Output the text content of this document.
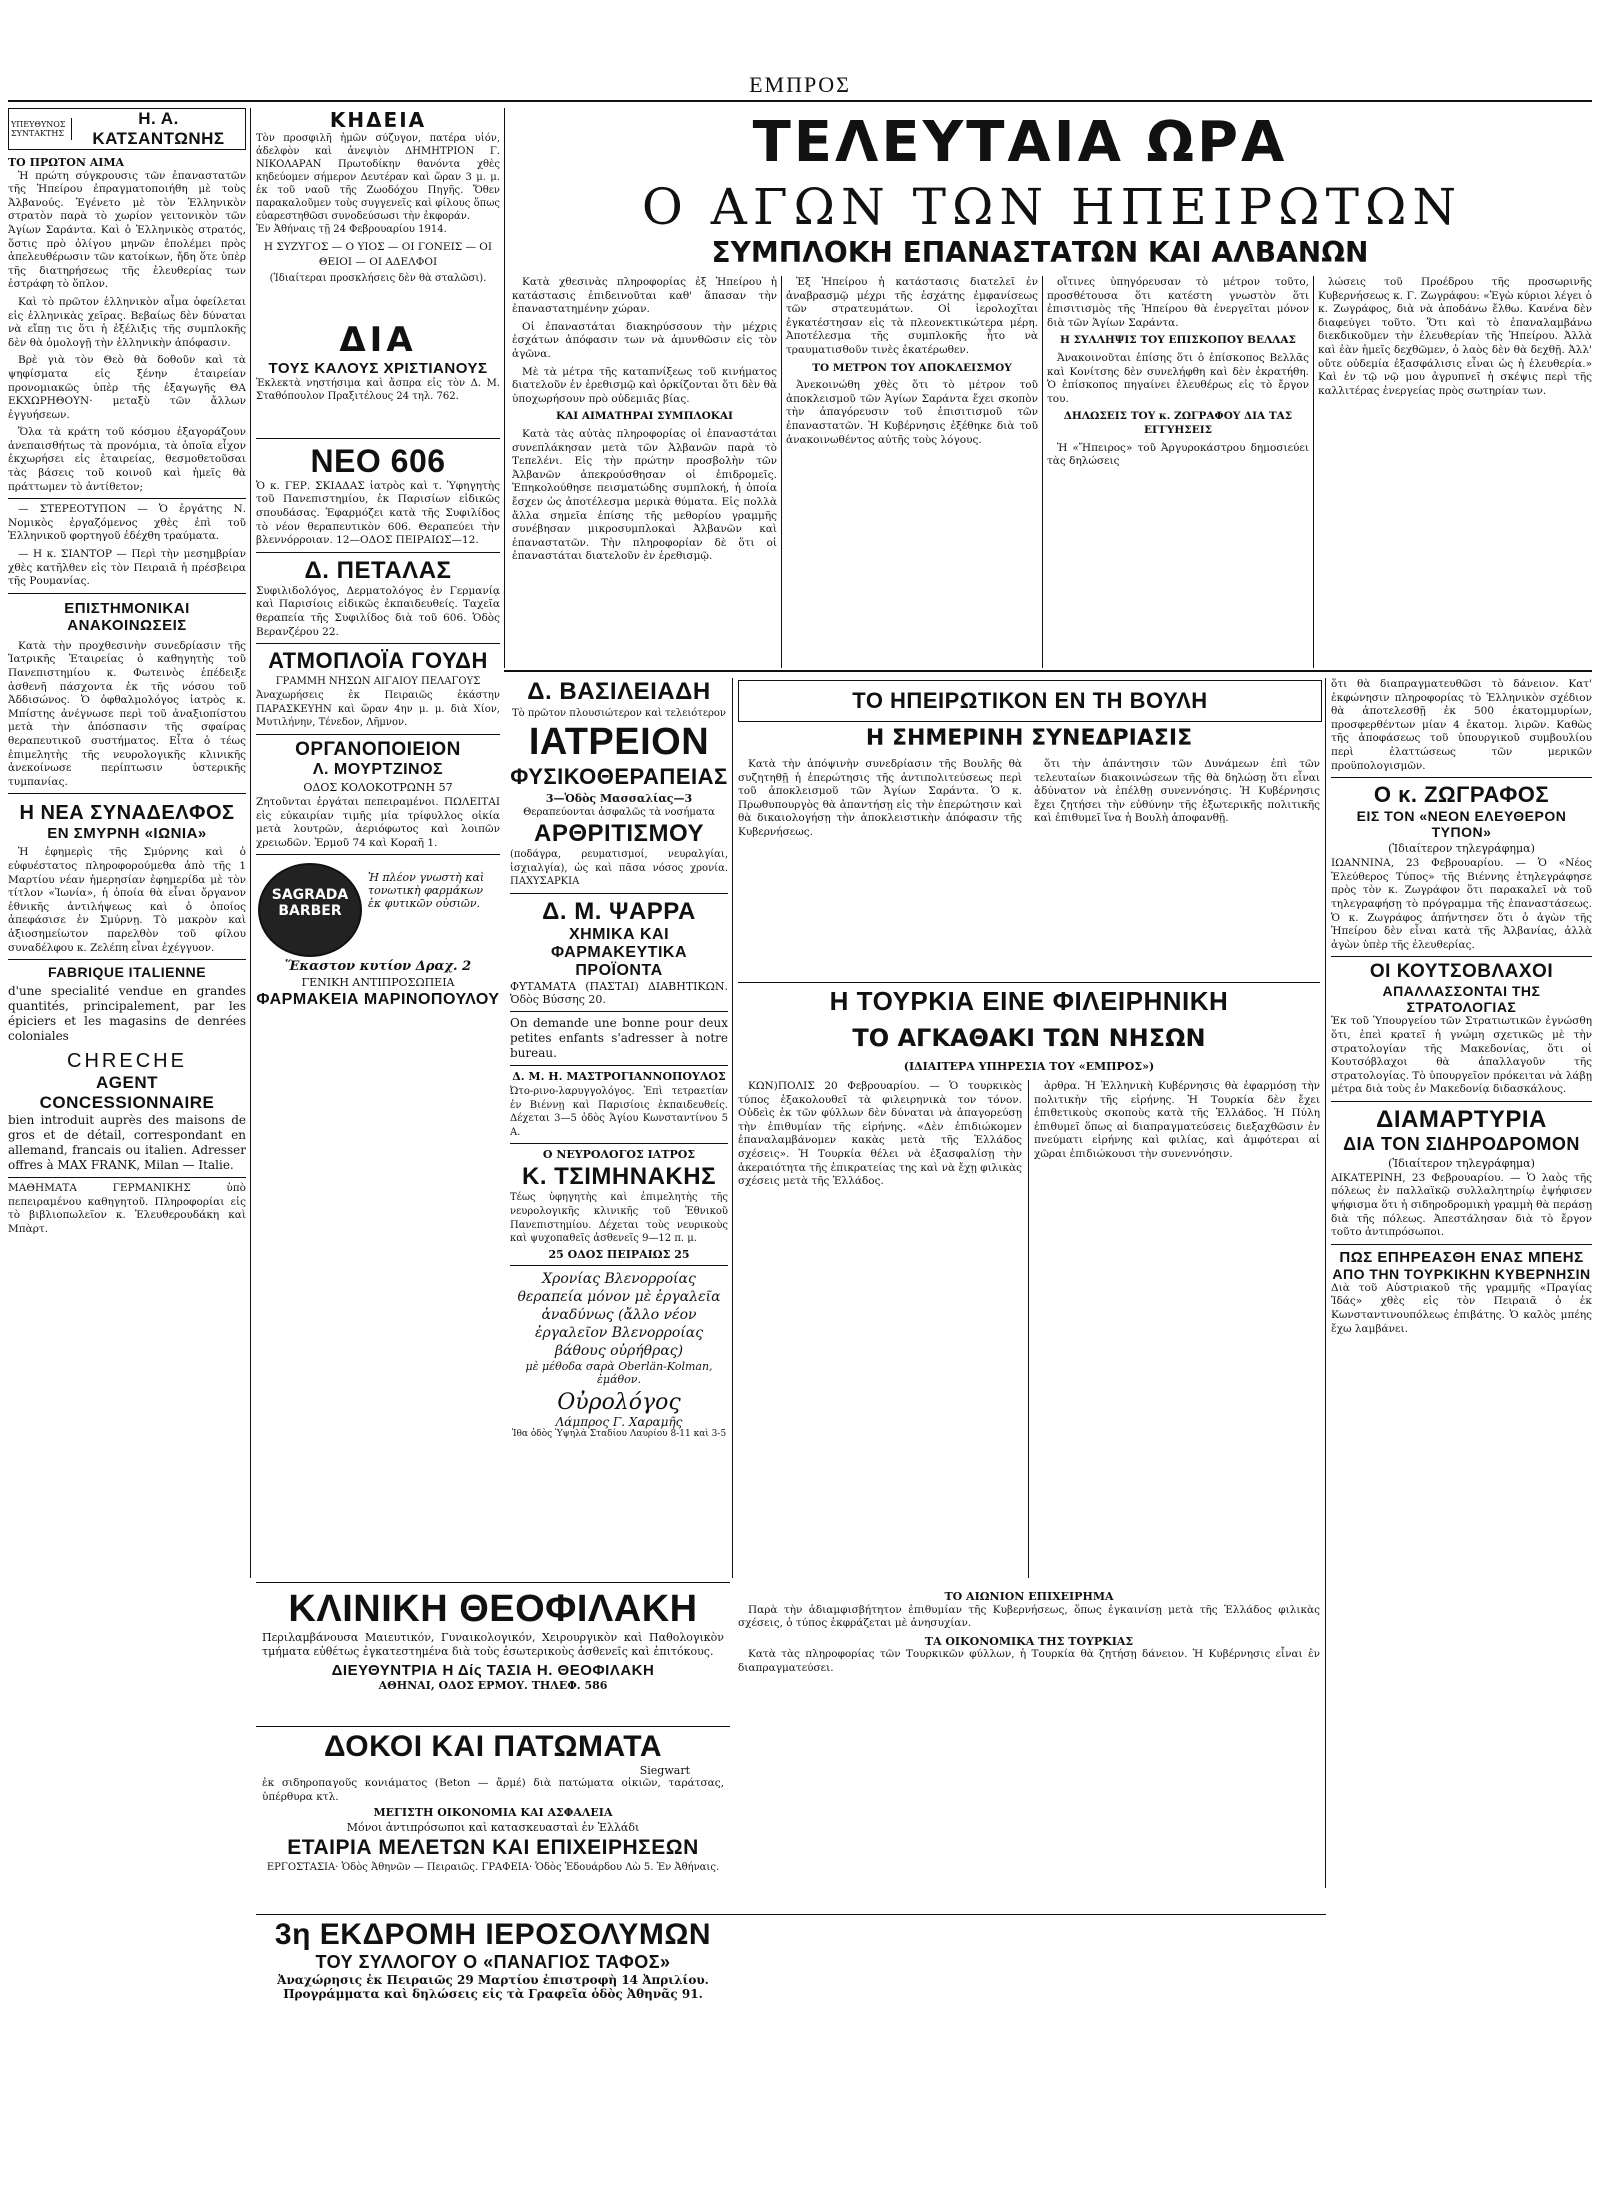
ΕΜΠΡΟΣ
ΥΠΕΥΘΥΝΟΣ ΣΥΝΤΑΚΤΗΣ
Η. Α. ΚΑΤΣΑΝΤΩΝΗΣ
ΤΟ ΠΡΩΤΟΝ ΑΙΜΑ

Ἡ πρώτη σύγκρουσις τῶν ἐπαναστατῶν τῆς Ἠπείρου ἐπραγματοποιήθη μὲ τοὺς Ἀλβανούς. Ἐγένετο μὲ τὸν Ἑλληνικὸν στρατὸν παρὰ τὸ χωρίον γειτονικὸν τῶν Ἁγίων Σαράντα. Καὶ ὁ Ἑλληνικὸς στρατός, ὅστις πρὸ ὀλίγου μηνῶν ἐπολέμει πρὸς ἀπελευθέρωσιν τῶν κατοίκων, ἤδη ὅτε ὑπὲρ τῆς διατηρήσεως τῆς ἐλευθερίας των ἐστράφη τὸ ὅπλον.

Καὶ τὸ πρῶτον ἑλληνικὸν αἷμα ὀφείλεται εἰς ἑλληνικὰς χεῖρας. Βεβαίως δὲν δύναται νὰ εἴπῃ τις ὅτι ἡ ἐξέλιξις τῆς συμπλοκῆς δὲν θὰ ὁμολογῇ τὴν ἑλληνικὴν ἀπόφασιν.

Βρὲ γιὰ τὸν Θεὸ θὰ δοθοῦν καὶ τὰ ψηφίσματα εἰς ξένην ἑταιρείαν προνομιακῶς ὑπὲρ τῆς ἐξαγωγῆς ΘΑ ΕΚΧΩΡΗΘΟΥΝ· μεταξὺ τῶν ἄλλων ἐγγυήσεων.

Ὅλα τὰ κράτη τοῦ κόσμου ἐξαγοράζουν ἀνεπαισθήτως τὰ προνόμια, τὰ ὁποῖα εἶχον ἐκχωρήσει εἰς ἑταιρείας, θεσμοθετοῦσαι τὰς βάσεις τοῦ κοινοῦ καὶ ἡμεῖς θὰ πράττωμεν τὸ ἀντίθετον;

— ΣΤΕΡΕΟΤΥΠΟΝ — Ὁ ἐργάτης Ν. Νομικὸς ἐργαζόμενος χθὲς ἐπὶ τοῦ Ἑλληνικοῦ φορτηγοῦ ἐδέχθη τραύματα.

— Η κ. ΣΙΑΝΤΟΡ — Περὶ τὴν μεσημβρίαν χθὲς κατῆλθεν εἰς τὸν Πειραιᾶ ἡ πρέσβειρα τῆς Ρουμανίας.

ΕΠΙΣΤΗΜΟΝΙΚΑΙ ΑΝΑΚΟΙΝΩΣΕΙΣ

Κατὰ τὴν προχθεσινὴν συνεδρίασιν τῆς Ἰατρικῆς Ἑταιρείας ὁ καθηγητὴς τοῦ Πανεπιστημίου κ. Φωτεινὸς ἐπέδειξε ἀσθενῆ πάσχοντα ἐκ τῆς νόσου τοῦ Ἀδδισώνος. Ὁ ὀφθαλμολόγος ἰατρὸς κ. Μπίστης ἀνέγνωσε περὶ τοῦ ἀναξιοπίστου μετὰ τὴν ἀπόσπασιν τῆς σφαίρας θεραπευτικοῦ συστήματος. Εἶτα ὁ τέως ἐπιμελητὴς τῆς νευρολογικῆς κλινικῆς ἀνεκοίνωσε περίπτωσιν ὑστερικῆς τυμπανίας.

Η ΝΕΑ ΣΥΝΑΔΕΛΦΟΣ
ΕΝ ΣΜΥΡΝΗ «ΙΩΝΙΑ»

Ἡ ἐφημερὶς τῆς Σμύρνης καὶ ὁ εὐφυέστατος πληροφορούμεθα ἀπὸ τῆς 1 Μαρτίου νέαν ἡμερησίαν ἐφημερίδα μὲ τὸν τίτλον «Ἰωνία», ἡ ὁποία θὰ εἶναι ὄργανον ἐθνικῆς ἀντιλήψεως καὶ ὁ ὁποίος ἀπεφάσισε ἐν Σμύρνῃ. Τὸ μακρὸν καὶ ἀξιοσημείωτον παρελθὸν τοῦ φίλου συναδέλφου κ. Ζελέπη εἶναι ἐχέγγυον.

FABRIQUE ITALIENNE
d'une specialité vendue en grandes quantités, principalement, par les épiciers et les magasins de denrées coloniales
CHRECHE
AGENT CONCESSIONNAIRE
bien introduit auprès des maisons de gros et de détail, correspondant en allemand, francais ou italien. Adresser offres à MAX FRANK, Milan — Italie.
ΜΑΘΗΜΑΤΑ ΓΕΡΜΑΝΙΚΗΣ ὑπὸ πεπειραμένου καθηγητοῦ. Πληροφορίαι εἰς τὸ βιβλιοπωλεῖον κ. Ἐλευθερουδάκη καὶ Μπὰρτ.
ΚΗΔΕΙΑ
Τὸν προσφιλῆ ἡμῶν σύζυγον, πατέρα υἱόν, ἀδελφὸν καὶ ἀνεψιὸν ΔΗΜΗΤΡΙΟΝ Γ. ΝΙΚΟΛΑΡΑΝ Πρωτοδίκην θανόντα χθὲς κηδεύομεν σήμερον Δευτέραν καὶ ὥραν 3 μ. μ. ἐκ τοῦ ναοῦ τῆς Ζωοδόχου Πηγῆς. Ὅθεν παρακαλοῦμεν τοὺς συγγενεῖς καὶ φίλους ὅπως εὐαρεστηθῶσι συνοδεύσωσι τὴν ἐκφοράν.
Ἐν Ἀθήναις τῇ 24 Φεβρουαρίου 1914.
Η ΣΥΖΥΓΟΣ — Ο ΥΙΟΣ — ΟΙ ΓΟΝΕΙΣ — ΟΙ ΘΕΙΟΙ — ΟΙ ΑΔΕΛΦΟΙ
(Ἰδιαίτεραι προσκλήσεις δὲν θὰ σταλῶσι).
ΔΙΑ
ΤΟΥΣ ΚΑΛΟΥΣ ΧΡΙΣΤΙΑΝΟΥΣ
Ἐκλεκτὰ νηστήσιμα καὶ ἄσπρα εἰς τὸν Δ. Μ. Σταθόπουλον Πραξιτέλους 24 τηλ. 762.
ΝΕΟ 606
Ὁ κ. ΓΕΡ. ΣΚΙΑΔΑΣ ἰατρὸς καὶ τ. Ὑφηγητὴς τοῦ Πανεπιστημίου, ἐκ Παρισίων εἰδικῶς σπουδάσας. Ἐφαρμόζει κατὰ τῆς Συφιλίδος τὸ νέον θεραπευτικὸν 606. Θεραπεύει τὴν βλεννόρροιαν. 12—ΟΔΟΣ ΠΕΙΡΑΙΩΣ—12.
Δ. ΠΕΤΑΛΑΣ
Συφιλιδολόγος, Δερματολόγος ἐν Γερμανίᾳ καὶ Παρισίοις εἰδικῶς ἐκπαιδευθείς. Ταχεῖα θεραπεία τῆς Συφιλίδος διὰ τοῦ 606. Ὁδὸς Βερανζέρου 22.
ΑΤΜΟΠΛΟΪΑ ΓΟΥΔΗ
ΓΡΑΜΜΗ ΝΗΣΩΝ ΑΙΓΑΙΟΥ ΠΕΛΑΓΟΥΣ
Ἀναχωρήσεις ἐκ Πειραιῶς ἑκάστην ΠΑΡΑΣΚΕΥΗΝ καὶ ὥραν 4ην μ. μ. διὰ Χίον, Μυτιλήνην, Τένεδον, Λῆμνον.
ΟΡΓΑΝΟΠΟΙΕΙΟΝ
Λ. ΜΟΥΡΤΖΙΝΟΣ
ΟΔΟΣ ΚΟΛΟΚΟΤΡΩΝΗ 57
Ζητοῦνται ἐργάται πεπειραμένοι. ΠΩΛΕΙΤΑΙ εἰς εὐκαιρίαν τιμῆς μία τρίφυλλος οἰκία μετὰ λουτρῶν, ἀεριόφωτος καὶ λοιπῶν χρειωδῶν. Ἑρμοῦ 74 καὶ Κοραῆ 1.
SAGRADA
BARBER
Ἡ πλέον γνωστὴ καὶ τονωτικὴ φαρμάκων ἐκ φυτικῶν οὐσιῶν.
Ἕκαστον κυτίον Δραχ. 2
ΓΕΝΙΚΗ ΑΝΤΙΠΡΟΣΩΠΕΙΑ
ΦΑΡΜΑΚΕΙΑ ΜΑΡΙΝΟΠΟΥΛΟΥ
ΤΕΛΕΥΤΑΙΑ ΩΡΑ
Ο ΑΓΩΝ ΤΩΝ ΗΠΕΙΡΩΤΩΝ
ΣΥΜΠΛΟΚΗ ΕΠΑΝΑΣΤΑΤΩΝ ΚΑΙ ΑΛΒΑΝΩΝ

Κατὰ χθεσινὰς πληροφορίας ἐξ Ἠπείρου ἡ κατάστασις ἐπιδεινοῦται καθ' ἅπασαν τὴν ἐπαναστατημένην χώραν.

Οἱ ἐπαναστάται διακηρύσσουν τὴν μέχρις ἐσχάτων ἀπόφασιν των νὰ ἀμυνθῶσιν εἰς τὸν ἀγῶνα.

Μὲ τὰ μέτρα τῆς καταπνίξεως τοῦ κινήματος διατελοῦν ἐν ἐρεθισμῷ καὶ ὁρκίζονται ὅτι δὲν θὰ ὑποχωρήσουν πρὸ οὐδεμιᾶς βίας.

ΚΑΙ ΑΙΜΑΤΗΡΑΙ ΣΥΜΠΛΟΚΑΙ

Κατὰ τὰς αὐτὰς πληροφορίας οἱ ἐπαναστάται συνεπλάκησαν μετὰ τῶν Ἀλβανῶν παρὰ τὸ Τεπελένι. Εἰς τὴν πρώτην προσβολὴν τῶν Ἀλβανῶν ἀπεκρούσθησαν οἱ ἐπιδρομεῖς. Ἐπηκολούθησε πεισματώδης συμπλοκή, ἡ ὁποία ἔσχεν ὡς ἀποτέλεσμα μερικὰ θύματα. Εἰς πολλὰ ἄλλα σημεῖα ἐπίσης τῆς μεθορίου γραμμῆς συνέβησαν μικροσυμπλοκαὶ Ἀλβανῶν καὶ ἐπαναστατῶν. Τὴν πληροφορίαν δὲ ὅτι οἱ ἐπαναστάται διατελοῦν ἐν ἐρεθισμῷ.

Ἐξ Ἠπείρου ἡ κατάστασις διατελεῖ ἐν ἀναβρασμῷ μέχρι τῆς ἐσχάτης ἐμφανίσεως τῶν στρατευμάτων. Οἱ ἱερολοχῖται ἐγκατέστησαν εἰς τὰ πλεονεκτικώτερα μέρη. Ἀποτέλεσμα τῆς συμπλοκῆς ἦτο νὰ τραυματισθοῦν τινὲς ἐκατέρωθεν.

ΤΟ ΜΕΤΡΟΝ ΤΟΥ ΑΠΟΚΛΕΙΣΜΟΥ

Ἀνεκοινώθη χθὲς ὅτι τὸ μέτρον τοῦ ἀποκλεισμοῦ τῶν Ἁγίων Σαράντα ἔχει σκοπὸν τὴν ἀπαγόρευσιν τοῦ ἐπισιτισμοῦ τῶν ἐπαναστατῶν. Ἡ Κυβέρνησις ἐξέθηκε διὰ τοῦ ἀνακοινωθέντος αὐτῆς τοὺς λόγους.

οἵτινες ὑπηγόρευσαν τὸ μέτρον τοῦτο, προσθέτουσα ὅτι κατέστη γνωστὸν ὅτι ἐπισιτισμὸς τῆς Ἠπείρου θὰ ἐνεργεῖται μόνον διὰ τῶν Ἁγίων Σαράντα.

Η ΣΥΛΛΗΨΙΣ ΤΟΥ ΕΠΙΣΚΟΠΟΥ ΒΕΛΛΑΣ

Ἀνακοινοῦται ἐπίσης ὅτι ὁ ἐπίσκοπος Βελλᾶς καὶ Κονίτσης δὲν συνελήφθη καὶ δὲν ἐκρατήθη. Ὁ ἐπίσκοπος πηγαίνει ἐλευθέρως εἰς τὸ ἔργον του.

ΔΗΛΩΣΕΙΣ ΤΟΥ κ. ΖΩΓΡΑΦΟΥ ΔΙΑ ΤΑΣ ΕΓΓΥΗΣΕΙΣ

Ἡ «Ἤπειρος» τοῦ Ἀργυροκάστρου δημοσιεύει τὰς δηλώσεις

λώσεις τοῦ Προέδρου τῆς προσωρινῆς Κυβερνήσεως κ. Γ. Ζωγράφου: «Ἐγὼ κύριοι λέγει ὁ κ. Ζωγράφος, διὰ νὰ ἀποδάνω ἔλθω. Κανένα δὲν διαφεύγει τοῦτο. Ὅτι καὶ τὸ ἐπαναλαμβάνω διεκδικοῦμεν τὴν ἐλευθερίαν τῆς Ἠπείρου. Ἀλλὰ καὶ ἐὰν ἡμεῖς δεχθῶμεν, ὁ λαὸς δὲν θὰ δεχθῇ. Ἀλλ' οὔτε οὐδεμία ἐξασφάλισις εἶναι ὡς ἡ ἐλευθερία.» Καὶ ἐν τῷ νῷ μου ἀγρυπνεῖ ἡ σκέψις περὶ τῆς καλλιτέρας ἐνεργείας πρὸς σωτηρίαν των.

Δ. ΒΑΣΙΛΕΙΑΔΗ
Τὸ πρῶτον πλουσιώτερον καὶ τελειότερον
ΙΑΤΡΕΙΟΝ
ΦΥΣΙΚΟΘΕΡΑΠΕΙΑΣ
3—Ὁδὸς Μασσαλίας—3
Θεραπεύονται ἀσφαλῶς τὰ νοσήματα
ΑΡΘΡΙΤΙΣΜΟΥ
(ποδάγρα, ρευματισμοί, νευραλγίαι, ἰσχιαλγία), ὡς καὶ πᾶσα νόσος χρονία. ΠΑΧΥΣΑΡΚΙΑ
Δ. Μ. ΨΑΡΡΑ
ΧΗΜΙΚΑ ΚΑΙ ΦΑΡΜΑΚΕΥΤΙΚΑ ΠΡΟΪΟΝΤΑ
ΦΥΤΑΜΑΤΑ (ΠΑΣΤΑΙ) ΔΙΑΒΗΤΙΚΩΝ. Ὁδὸς Βύσσης 20.
On demande une bonne pour deux petites enfants s'adresser à notre bureau.
Δ. Μ. Η. ΜΑΣΤΡΟΓΙΑΝΝΟΠΟΥΛΟΣ
Ὠτο-ρινο-λαρυγγολόγος. Ἐπὶ τετραετίαν ἐν Βιέννῃ καὶ Παρισίοις ἐκπαιδευθείς. Δέχεται 3—5 ὁδὸς Ἁγίου Κωνσταντίνου 5 Α.
Ο ΝΕΥΡΟΛΟΓΟΣ ΙΑΤΡΟΣ
Κ. ΤΣΙΜΗΝΑΚΗΣ
Τέως ὑφηγητὴς καὶ ἐπιμελητὴς τῆς νευρολογικῆς κλινικῆς τοῦ Ἐθνικοῦ Πανεπιστημίου. Δέχεται τοὺς νευρικοὺς καὶ ψυχοπαθεῖς ἀσθενεῖς 9—12 π. μ.
25 ΟΔΟΣ ΠΕΙΡΑΙΩΣ 25
Χρονίας Βλενορροίας θεραπεία μόνον μὲ ἐργαλεῖα ἀναδύνως (ἄλλο νέον ἐργαλεῖον Βλενορροίας βάθους οὐρήθρας)
μὲ μέθοδα σαρὰ Oberlän-Kolman, ἐμάθον.
Οὐρολόγος
Λάμπρος Γ. Χαραμῆς
Ἰθα ὁδὸς Ὑψηλὰ Σταδίου Λαυρίου 8-11 καὶ 3-5
ΤΟ ΗΠΕΙΡΩΤΙΚΟΝ ΕΝ ΤΗ ΒΟΥΛΗ
Η ΣΗΜΕΡΙΝΗ ΣΥΝΕΔΡΙΑΣΙΣ

Κατὰ τὴν ἀπόψινὴν συνεδρίασιν τῆς Βουλῆς θὰ συζητηθῇ ἡ ἐπερώτησις τῆς ἀντιπολιτεύσεως περὶ τοῦ ἀποκλεισμοῦ τῶν Ἁγίων Σαράντα. Ὁ κ. Πρωθυπουργὸς θὰ ἀπαντήσῃ εἰς τὴν ἐπερώτησιν καὶ θὰ δικαιολογήσῃ τὴν ἀποκλειστικὴν ἀπόφασιν τῆς Κυβερνήσεως.

ὅτι τὴν ἀπάντησιν τῶν Δυνάμεων ἐπὶ τῶν τελευταίων διακοινώσεων τῆς θὰ δηλώσῃ ὅτι εἶναι ἀδύνατον νὰ ἐπέλθῃ συνεννόησις. Ἡ Κυβέρνησις ἔχει ζητήσει τὴν εὐθύνην τῆς ἐξωτερικῆς πολιτικῆς καὶ ἐπιθυμεῖ ἵνα ἡ Βουλὴ ἀποφανθῇ.

Η ΤΟΥΡΚΙΑ ΕΙΝΕ ΦΙΛΕΙΡΗΝΙΚΗ
ΤΟ ΑΓΚΑΘΑΚΙ ΤΩΝ ΝΗΣΩΝ
(ΙΔΙΑΙΤΕΡΑ ΥΠΗΡΕΣΙΑ ΤΟΥ «ΕΜΠΡΟΣ»)

ΚΩΝ)ΠΟΛΙΣ 20 Φεβρουαρίου. — Ὁ τουρκικὸς τύπος ἐξακολουθεῖ τὰ φιλειρηνικὰ τον τόνον. Οὐδεὶς ἐκ τῶν φύλλων δὲν δύναται νὰ ἀπαγορεύσῃ τὴν ἐπιθυμίαν τῆς εἰρήνης. «Δὲν ἐπιδιώκομεν ἐπαναλαμβάνομεν κακὰς μετὰ τῆς Ἑλλάδος σχέσεις». Ἡ Τουρκία θέλει νὰ ἐξασφαλίσῃ τὴν ἀκεραιότητα τῆς ἐπικρατείας της καὶ νὰ ἔχῃ φιλικὰς σχέσεις μετὰ τῆς Ἑλλάδος.

ἀρθρα. Ἡ Ἑλληνικὴ Κυβέρνησις θὰ ἐφαρμόσῃ τὴν πολιτικὴν τῆς εἰρήνης. Ἡ Τουρκία δὲν ἔχει ἐπιθετικοὺς σκοποὺς κατὰ τῆς Ἑλλάδος. Ἡ Πύλη ἐπιθυμεῖ ὅπως αἱ διαπραγματεύσεις διεξαχθῶσιν ἐν πνεύματι εἰρήνης καὶ φιλίας, καὶ ἀμφότεραι αἱ χῶραι ἐπιδιώκουσι τὴν συνεννόησιν.

ὅτι θὰ διαπραγματευθῶσι τὸ δάνειον. Κατ' ἐκφώνησιν πληροφορίας τὸ Ἐλληνικὸν σχέδιον θὰ ἀποτελεσθῇ ἐκ 500 ἑκατομμυρίων, προσφερθέντων μίαν 4 ἑκατομ. λιρῶν. Καθὼς τῆς ἀποφάσεως τοῦ ὑπουργικοῦ συμβουλίου περὶ ἐλαττώσεως τῶν μερικῶν προϋπολογισμῶν.
Ο κ. ΖΩΓΡΑΦΟΣ
ΕΙΣ ΤΟΝ «ΝΕΟΝ ΕΛΕΥΘΕΡΟΝ ΤΥΠΟΝ»
(Ἰδιαίτερον τηλεγράφημα)
ΙΩΑΝΝΙΝΑ, 23 Φεβρουαρίου. — Ὁ «Νέος Ἐλεύθερος Τύπος» τῆς Βιέννης ἐτηλεγράφησε πρὸς τὸν κ. Ζωγράφον ὅτι παρακαλεῖ νὰ τοῦ τηλεγραφήσῃ τὸ πρόγραμμα τῆς ἐπαναστάσεως. Ὁ κ. Ζωγράφος ἀπήντησεν ὅτι ὁ ἀγὼν τῆς Ἠπείρου δὲν εἶναι κατὰ τῆς Ἀλβανίας, ἀλλὰ ἀγὼν ὑπὲρ τῆς ἐλευθερίας.
ΟΙ ΚΟΥΤΣΟΒΛΑΧΟΙ
ΑΠΑΛΛΑΣΣΟΝΤΑΙ ΤΗΣ ΣΤΡΑΤΟΛΟΓΙΑΣ
Ἐκ τοῦ Ὑπουργείου τῶν Στρατιωτικῶν ἐγνώσθη ὅτι, ἐπεὶ κρατεῖ ἡ γνώμη σχετικῶς μὲ τὴν στρατολογίαν τῆς Μακεδονίας, ὅτι οἱ Κουτσόβλαχοι θὰ ἀπαλλαγοῦν τῆς στρατολογίας. Τὸ ὑπουργεῖον πρόκειται νὰ λάβῃ μέτρα διὰ τοὺς ἐν Μακεδονίᾳ διδασκάλους.
ΔΙΑΜΑΡΤΥΡΙΑ
ΔΙΑ ΤΟΝ ΣΙΔΗΡΟΔΡΟΜΟΝ
(Ἰδιαίτερον τηλεγράφημα)
ΑΙΚΑΤΕΡΙΝΗ, 23 Φεβρουαρίου. — Ὁ λαὸς τῆς πόλεως ἐν παλλαϊκῷ συλλαλητηρίῳ ἐψήφισεν ψήφισμα ὅτι ἡ σιδηροδρομικὴ γραμμὴ θὰ περάσῃ διὰ τῆς πόλεως. Ἀπεστάλησαν διὰ τὸ ἔργον τοῦτο ἀντιπρόσωποι.
ΠΩΣ ΕΠΗΡΕΑΣΘΗ ΕΝΑΣ ΜΠΕΗΣ
ΑΠΟ ΤΗΝ ΤΟΥΡΚΙΚΗΝ ΚΥΒΕΡΝΗΣΙΝ
Διὰ τοῦ Αὐστριακοῦ τῆς γραμμῆς «Πραγίας Ἰδάς» χθὲς εἰς τὸν Πειραιᾶ ὁ ἐκ Κωνσταντινουπόλεως ἐπιβάτης. Ὁ καλὸς μπέης ἔχω λαμβάνει.
ΤΟ ΑΙΩΝΙΟΝ ΕΠΙΧΕΙΡΗΜΑ

Παρὰ τὴν ἀδιαμφισβήτητον ἐπιθυμίαν τῆς Κυβερνήσεως, ὅπως ἐγκαινίσῃ μετὰ τῆς Ἑλλάδος φιλικὰς σχέσεις, ὁ τύπος ἐκφράζεται μὲ ἀνησυχίαν.

ΤΑ ΟΙΚΟΝΟΜΙΚΑ ΤΗΣ ΤΟΥΡΚΙΑΣ

Κατὰ τὰς πληροφορίας τῶν Τουρκικῶν φύλλων, ἡ Τουρκία θὰ ζητήσῃ δάνειον. Ἡ Κυβέρνησις εἶναι ἐν διαπραγματεύσει.

ΚΛΙΝΙΚΗ ΘΕΟΦΙΛΑΚΗ
Περιλαμβάνουσα Μαιευτικόν, Γυναικολογικόν, Χειρουργικὸν καὶ Παθολογικὸν τμήματα εὐθέτως ἐγκατεστημένα διὰ τοὺς ἐσωτερικοὺς ἀσθενεῖς καὶ ἐπιτόκους.
ΔΙΕΥΘΥΝΤΡΙΑ Η Δίς ΤΑΣΙΑ Η. ΘΕΟΦΙΛΑΚΗ
ΑΘΗΝΑΙ, ΟΔΟΣ ΕΡΜΟΥ. ΤΗΛΕΦ. 586
ΔΟΚΟΙ ΚΑΙ ΠΑΤΩΜΑΤΑ
Siegwart
ἐκ σιδηροπαγοῦς κονιάματος (Beton — ἄρμέ) διὰ πατώματα οἰκιῶν, ταράτσας, ὑπέρθυρα κτλ.
ΜΕΓΙΣΤΗ ΟΙΚΟΝΟΜΙΑ ΚΑΙ ΑΣΦΑΛΕΙΑ
Μόνοι ἀντιπρόσωποι καὶ κατασκευασταὶ ἐν Ἑλλάδι
ΕΤΑΙΡΙΑ ΜΕΛΕΤΩΝ ΚΑΙ ΕΠΙΧΕΙΡΗΣΕΩΝ
ΕΡΓΟΣΤΑΣΙΑ· Ὁδὸς Ἀθηνῶν — Πειραιῶς. ΓΡΑΦΕΙΑ· Ὁδὸς Ἐδουάρδου Λὼ 5. Ἐν Ἀθήναις.
3η ΕΚΔΡΟΜΗ ΙΕΡΟΣΟΛΥΜΩΝ
ΤΟΥ ΣΥΛΛΟΓΟΥ Ο «ΠΑΝΑΓΙΟΣ ΤΑΦΟΣ»
Ἀναχώρησις ἐκ Πειραιῶς 29 Μαρτίου ἐπιστροφὴ 14 Ἀπριλίου. Προγράμματα καὶ δηλώσεις εἰς τὰ Γραφεῖα ὁδὸς Ἀθηνᾶς 91.
